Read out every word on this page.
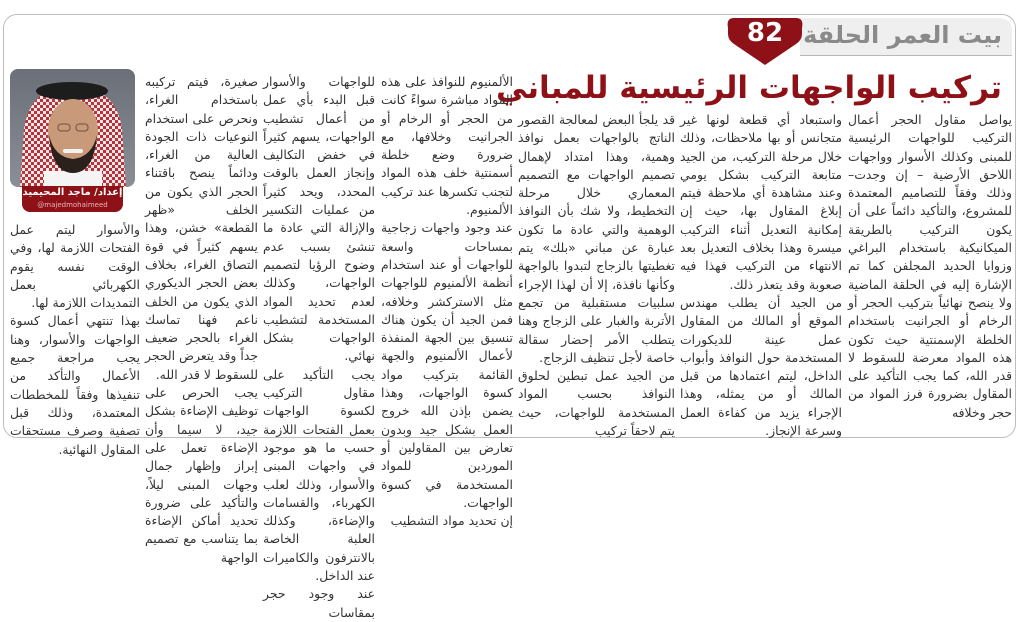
بيت العمر الحلقة
82
تركيب الواجهات الرئيسية للمباني

يواصل مقاول الحجر أعمال التركيب للواجهات الرئيسية للمبنى وكذلك الأسوار وواجهات اللاحق الأرضية – إن وجدت– وذلك وفقاً للتصاميم المعتمدة للمشروع، والتأكيد دائماً على أن يكون التركيب بالطريقة الميكانيكية باستخدام البراغي وزوايا الحديد المجلفن كما تم الإشارة إليه في الحلقة الماضية ولا ينصح نهائياً بتركيب الحجر أو الرخام أو الجرانيت باستخدام الخلطة الإسمنتية حيث تكون هذه المواد معرضة للسقوط لا قدر الله، كما يجب التأكيد على المقاول بضرورة فرز المواد من حجر وخلافه

واستبعاد أي قطعة لونها غير متجانس أو بها ملاحظات، وذلك خلال مرحلة التركيب، من الجيد متابعة التركيب بشكل يومي وعند مشاهدة أي ملاحظة فيتم إبلاغ المقاول بها، حيث إن إمكانية التعديل أثناء التركيب ميسرة وهذا بخلاف التعديل بعد الانتهاء من التركيب فهذا فيه صعوبة وقد يتعذر ذلك.

من الجيد أن يطلب مهندس الموقع أو المالك من المقاول عمل عينة للديكورات المستخدمة حول النوافذ وأبواب الداخل، ليتم اعتمادها من قبل المالك أو من يمثله، وهذا الإجراء يزيد من كفاءة العمل وسرعة الإنجاز.

قد يلجأ البعض لمعالجة القصور الناتج بالواجهات بعمل نوافذ وهمية، وهذا امتداد لإهمال تصميم الواجهات مع التصميم المعماري خلال مرحلة التخطيط، ولا شك بأن النوافذ الوهمية والتي عادة ما تكون عبارة عن مباني «بلك» يتم تغطيتها بالزجاج لتبدوا بالواجهة وكأنها نافذة، إلا أن لهذا الإجراء سلبيات مستقبلية من تجمع الأتربة والغبار على الزجاج وهنا يتطلب الأمر إحضار سقالة خاصة لأجل تنظيف الزجاج.

من الجيد عمل تبطين لحلوق النوافذ بحسب المواد المستخدمة للواجهات، حيث يتم لاحقاً تركيب

الألمنيوم للنوافذ على هذه المواد مباشرة سواءً كانت من الحجر أو الرخام أو الجرانيت وخلافها، مع ضرورة وضع خلطة أسمنتية خلف هذه المواد لتجنب تكسرها عند تركيب الألمنيوم.

عند وجود واجهات زجاجية بمساحات واسعة للواجهات أو عند استخدام أنظمة الألمنيوم للواجهات مثل الاستركشر وخلافه، فمن الجيد أن يكون هناك تنسيق بين الجهة المنفذة لأعمال الألمنيوم والجهة القائمة بتركيب مواد كسوة الواجهات، وهذا يضمن بإذن الله خروج العمل بشكل جيد وبدون تعارض بين المقاولين أو الموردين للمواد المستخدمة في كسوة الواجهات.

إن تحديد مواد التشطيب

للواجهات والأسوار قبل البدء بأي عمل من أعمال تشطيب الواجهات، يسهم كثيراً في خفض التكاليف وإنجاز العمل بالوقت المحدد، ويحد كثيراً من عمليات التكسير والإزالة التي عادة ما تنشئ بسبب عدم وضوح الرؤيا لتصميم الواجهات، وكذلك لعدم تحديد المواد المستخدمة لتشطيب الواجهات بشكل نهائي.

يجب التأكيد على مقاول التركيب لكسوة الواجهات بعمل الفتحات اللازمة حسب ما هو موجود في واجهات المبنى والأسوار، وذلك لعلب الكهرباء، والقسامات والإضاءة، وكذلك العلبة الخاصة بالانترفون والكاميرات عند الداخل.

عند وجود حجر بمقاسات

صغيرة، فيتم تركيبه باستخدام الغراء، ونحرص على استخدام النوعيات ذات الجودة العالية من الغراء، ودائماً ينصح باقتناء الحجر الذي يكون من الخلف «ظهر القطعة» خشن، وهذا يسهم كثيراً في قوة التصاق الغراء، بخلاف بعض الحجر الديكوري الذي يكون من الخلف ناعم فهنا تماسك الغراء بالحجر ضعيف جداً وقد يتعرض الحجر للسقوط لا قدر الله.

يجب الحرص على توظيف الإضاءة بشكل جيد، لا سيما وأن الإضاءة تعمل على إبراز وإظهار جمال وجهات المبنى ليلاً، والتأكيد على ضرورة تحديد أماكن الإضاءة بما يتناسب مع تصميم الواجهة

والأسوار ليتم عمل الفتحات اللازمة لها، وفي الوقت نفسه يقوم الكهربائي بعمل التمديدات اللازمة لها.

بهذا تنتهي أعمال كسوة الواجهات والأسوار، وهنا يجب مراجعة جميع الأعمال والتأكد من تنفيذها وفقاً للمخططات المعتمدة، وذلك قبل تصفية وصرف مستحقات المقاول النهائية.

إعداد/ ماجد المحيميد
@majedmohaimeed
